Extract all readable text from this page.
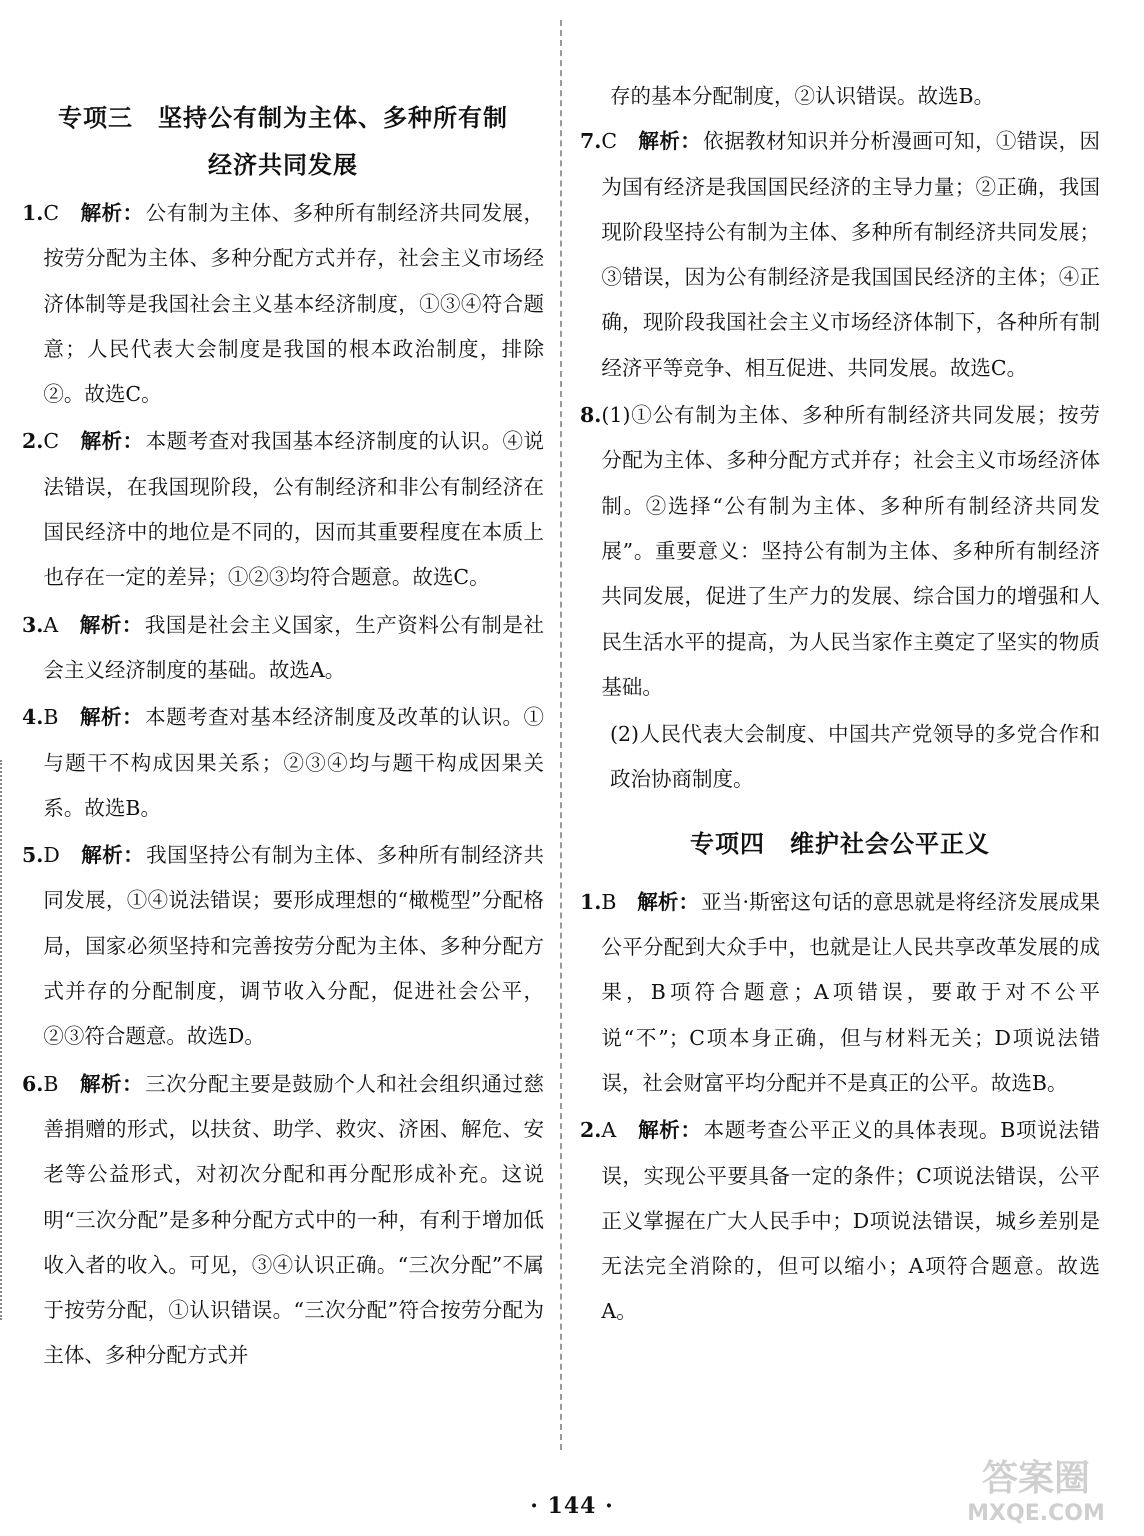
专项三　坚持公有制为主体、多种所有制
经济共同发展
1. C　解析：公有制为主体、多种所有制经济共同发展，按劳分配为主体、多种分配方式并存，社会主义市场经济体制等是我国社会主义基本经济制度，①③④符合题意；人民代表大会制度是我国的根本政治制度，排除②。故选C。
2. C　解析：本题考查对我国基本经济制度的认识。④说法错误，在我国现阶段，公有制经济和非公有制经济在国民经济中的地位是不同的，因而其重要程度在本质上也存在一定的差异；①②③均符合题意。故选C。
3. A　解析：我国是社会主义国家，生产资料公有制是社会主义经济制度的基础。故选A。
4. B　解析：本题考查对基本经济制度及改革的认识。①与题干不构成因果关系；②③④均与题干构成因果关系。故选B。
5. D　解析：我国坚持公有制为主体、多种所有制经济共同发展，①④说法错误；要形成理想的“橄榄型”分配格局，国家必须坚持和完善按劳分配为主体、多种分配方式并存的分配制度，调节收入分配，促进社会公平，②③符合题意。故选D。
6. B　解析：三次分配主要是鼓励个人和社会组织通过慈善捐赠的形式，以扶贫、助学、救灾、济困、解危、安老等公益形式，对初次分配和再分配形成补充。这说明“三次分配”是多种分配方式中的一种，有利于增加低收入者的收入。可见，③④认识正确。“三次分配”不属于按劳分配，①认识错误。“三次分配”符合按劳分配为主体、多种分配方式并
存的基本分配制度，②认识错误。故选B。
7. C　解析：依据教材知识并分析漫画可知，①错误，因为国有经济是我国国民经济的主导力量；②正确，我国现阶段坚持公有制为主体、多种所有制经济共同发展；③错误，因为公有制经济是我国国民经济的主体；④正确，现阶段我国社会主义市场经济体制下，各种所有制经济平等竞争、相互促进、共同发展。故选C。
8. (1)①公有制为主体、多种所有制经济共同发展；按劳分配为主体、多种分配方式并存；社会主义市场经济体制。②选择“公有制为主体、多种所有制经济共同发展”。重要意义：坚持公有制为主体、多种所有制经济共同发展，促进了生产力的发展、综合国力的增强和人民生活水平的提高，为人民当家作主奠定了坚实的物质基础。
(2)人民代表大会制度、中国共产党领导的多党合作和政治协商制度。
专项四　维护社会公平正义
1. B　解析：亚当·斯密这句话的意思就是将经济发展成果公平分配到大众手中，也就是让人民共享改革发展的成果，B项符合题意；A项错误，要敢于对不公平说“不”；C项本身正确，但与材料无关；D项说法错误，社会财富平均分配并不是真正的公平。故选B。
2. A　解析：本题考查公平正义的具体表现。B项说法错误，实现公平要具备一定的条件；C项说法错误，公平正义掌握在广大人民手中；D项说法错误，城乡差别是无法完全消除的，但可以缩小；A项符合题意。故选A。
· 144 ·
答案圈
MXQE.COM
